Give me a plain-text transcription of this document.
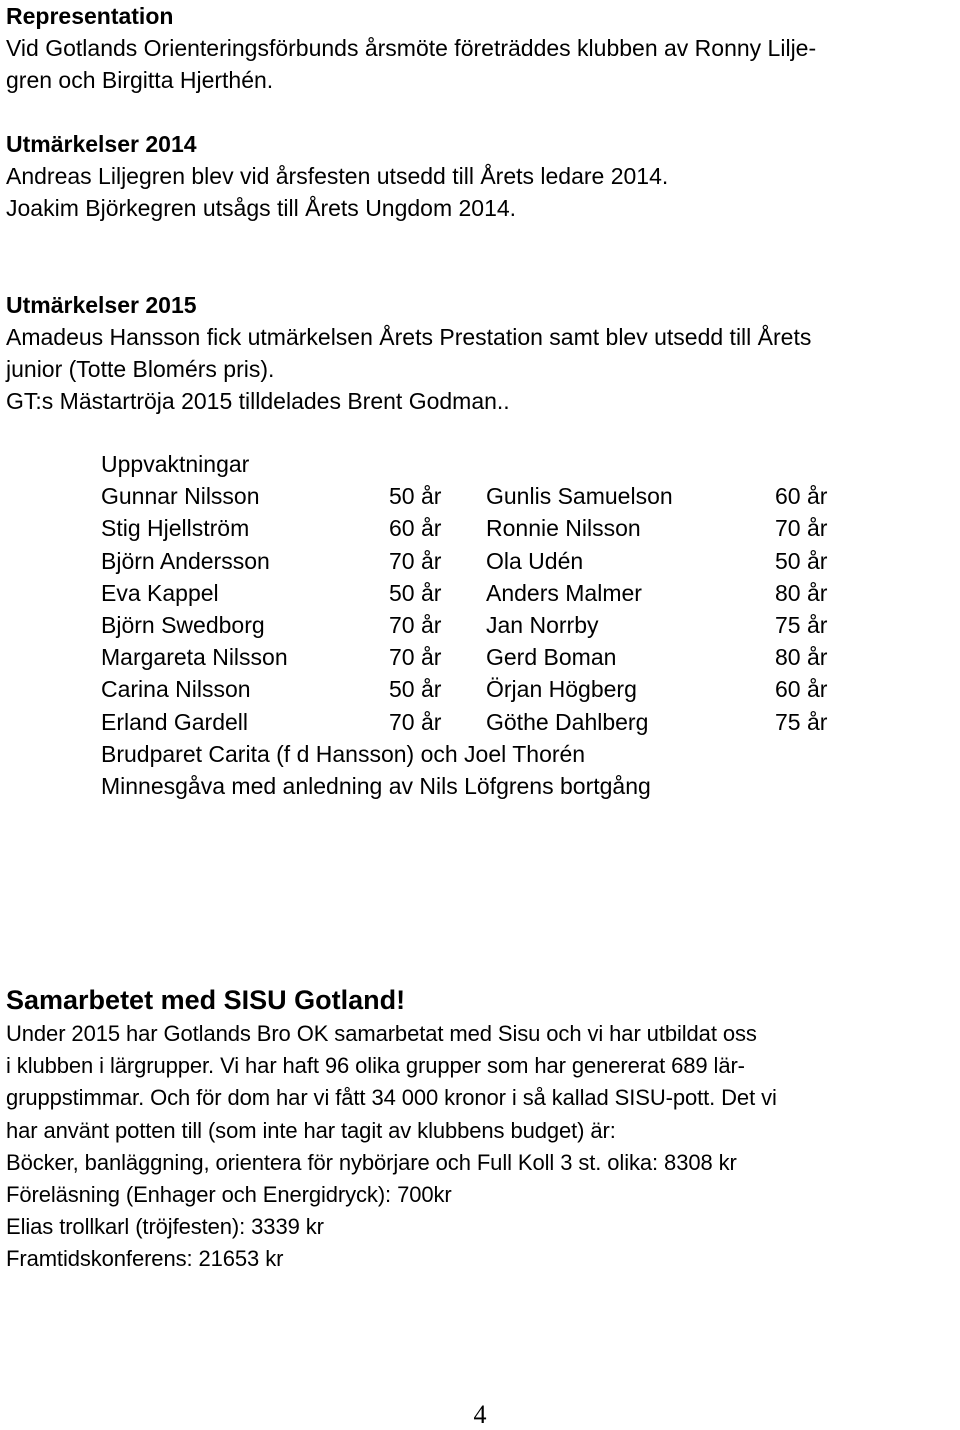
Representation
Vid Gotlands Orienteringsförbunds årsmöte företräddes klubben av Ronny Lilje-
gren och Birgitta Hjerthén.
Utmärkelser 2014
Andreas Liljegren blev vid årsfesten utsedd till Årets ledare 2014.
Joakim Björkegren utsågs till Årets Ungdom 2014.
Utmärkelser 2015
Amadeus Hansson fick utmärkelsen Årets Prestation samt blev utsedd till Årets
junior (Totte Blomérs pris).
GT:s Mästartröja 2015 tilldelades Brent Godman..
Uppvaktningar
Gunnar Nilsson	50 år Gunlis Samuelson	60 år
Stig Hjellström	60 år Ronnie Nilsson	70 år
Björn Andersson	70 år Ola Udén	50 år
Eva Kappel	50 år Anders Malmer	80 år
Björn Swedborg	70 år Jan Norrby	75 år
Margareta Nilsson	70 år Gerd Boman	80 år
Carina Nilsson	50 år Örjan Högberg	60 år
Erland Gardell	70 år Göthe Dahlberg	75 år
Brudparet Carita (f d Hansson) och Joel Thorén
Minnesgåva med anledning av Nils Löfgrens bortgång
Samarbetet med SISU Gotland!
Under 2015 har Gotlands Bro OK samarbetat med Sisu och vi har utbildat oss
i klubben i lärgrupper. Vi har haft 96 olika grupper som har genererat 689 lär-
gruppstimmar. Och för dom har vi fått 34 000 kronor i så kallad SISU-pott. Det vi
har använt potten till (som inte har tagit av klubbens budget) är:
Böcker, banläggning, orientera för nybörjare och Full Koll 3 st. olika: 8308 kr
Föreläsning (Enhager och Energidryck): 700kr
Elias trollkarl (tröjfesten): 3339 kr
Framtidskonferens: 21653 kr
4
